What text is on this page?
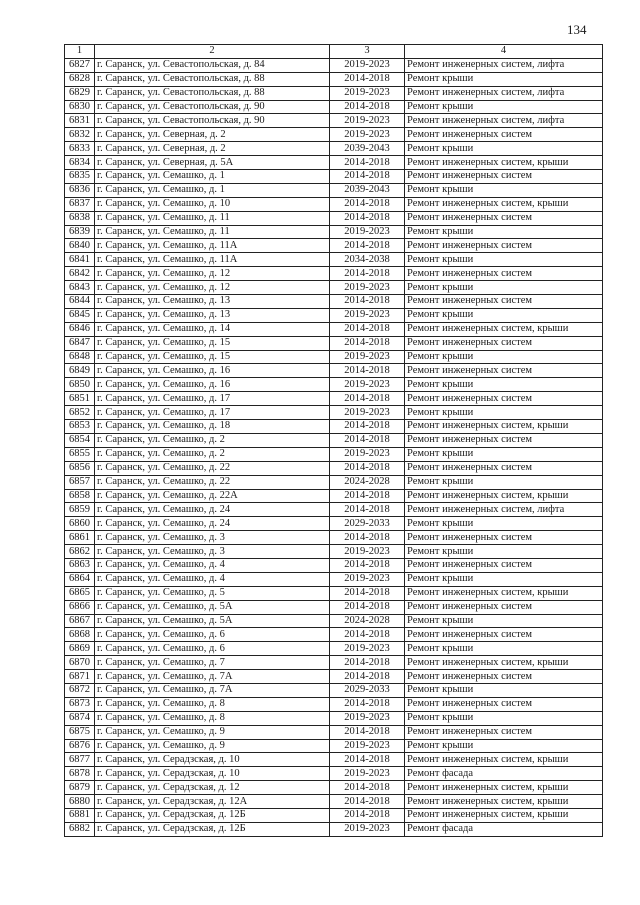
134
1	2	3	4
6827	г. Саранск, ул. Севастопольская, д. 84	2019-2023	Ремонт инженерных систем, лифта
6828	г. Саранск, ул. Севастопольская, д. 88	2014-2018	Ремонт крыши
6829	г. Саранск, ул. Севастопольская, д. 88	2019-2023	Ремонт инженерных систем, лифта
6830	г. Саранск, ул. Севастопольская, д. 90	2014-2018	Ремонт крыши
6831	г. Саранск, ул. Севастопольская, д. 90	2019-2023	Ремонт инженерных систем, лифта
6832	г. Саранск, ул. Северная, д. 2	2019-2023	Ремонт инженерных систем
6833	г. Саранск, ул. Северная, д. 2	2039-2043	Ремонт крыши
6834	г. Саранск, ул. Северная, д. 5А	2014-2018	Ремонт инженерных систем, крыши
6835	г. Саранск, ул. Семашко, д. 1	2014-2018	Ремонт инженерных систем
6836	г. Саранск, ул. Семашко, д. 1	2039-2043	Ремонт крыши
6837	г. Саранск, ул. Семашко, д. 10	2014-2018	Ремонт инженерных систем, крыши
6838	г. Саранск, ул. Семашко, д. 11	2014-2018	Ремонт инженерных систем
6839	г. Саранск, ул. Семашко, д. 11	2019-2023	Ремонт крыши
6840	г. Саранск, ул. Семашко, д. 11А	2014-2018	Ремонт инженерных систем
6841	г. Саранск, ул. Семашко, д. 11А	2034-2038	Ремонт крыши
6842	г. Саранск, ул. Семашко, д. 12	2014-2018	Ремонт инженерных систем
6843	г. Саранск, ул. Семашко, д. 12	2019-2023	Ремонт крыши
6844	г. Саранск, ул. Семашко, д. 13	2014-2018	Ремонт инженерных систем
6845	г. Саранск, ул. Семашко, д. 13	2019-2023	Ремонт крыши
6846	г. Саранск, ул. Семашко, д. 14	2014-2018	Ремонт инженерных систем, крыши
6847	г. Саранск, ул. Семашко, д. 15	2014-2018	Ремонт инженерных систем
6848	г. Саранск, ул. Семашко, д. 15	2019-2023	Ремонт крыши
6849	г. Саранск, ул. Семашко, д. 16	2014-2018	Ремонт инженерных систем
6850	г. Саранск, ул. Семашко, д. 16	2019-2023	Ремонт крыши
6851	г. Саранск, ул. Семашко, д. 17	2014-2018	Ремонт инженерных систем
6852	г. Саранск, ул. Семашко, д. 17	2019-2023	Ремонт крыши
6853	г. Саранск, ул. Семашко, д. 18	2014-2018	Ремонт инженерных систем, крыши
6854	г. Саранск, ул. Семашко, д. 2	2014-2018	Ремонт инженерных систем
6855	г. Саранск, ул. Семашко, д. 2	2019-2023	Ремонт крыши
6856	г. Саранск, ул. Семашко, д. 22	2014-2018	Ремонт инженерных систем
6857	г. Саранск, ул. Семашко, д. 22	2024-2028	Ремонт крыши
6858	г. Саранск, ул. Семашко, д. 22А	2014-2018	Ремонт инженерных систем, крыши
6859	г. Саранск, ул. Семашко, д. 24	2014-2018	Ремонт инженерных систем, лифта
6860	г. Саранск, ул. Семашко, д. 24	2029-2033	Ремонт крыши
6861	г. Саранск, ул. Семашко, д. 3	2014-2018	Ремонт инженерных систем
6862	г. Саранск, ул. Семашко, д. 3	2019-2023	Ремонт крыши
6863	г. Саранск, ул. Семашко, д. 4	2014-2018	Ремонт инженерных систем
6864	г. Саранск, ул. Семашко, д. 4	2019-2023	Ремонт крыши
6865	г. Саранск, ул. Семашко, д. 5	2014-2018	Ремонт инженерных систем, крыши
6866	г. Саранск, ул. Семашко, д. 5А	2014-2018	Ремонт инженерных систем
6867	г. Саранск, ул. Семашко, д. 5А	2024-2028	Ремонт крыши
6868	г. Саранск, ул. Семашко, д. 6	2014-2018	Ремонт инженерных систем
6869	г. Саранск, ул. Семашко, д. 6	2019-2023	Ремонт крыши
6870	г. Саранск, ул. Семашко, д. 7	2014-2018	Ремонт инженерных систем, крыши
6871	г. Саранск, ул. Семашко, д. 7А	2014-2018	Ремонт инженерных систем
6872	г. Саранск, ул. Семашко, д. 7А	2029-2033	Ремонт крыши
6873	г. Саранск, ул. Семашко, д. 8	2014-2018	Ремонт инженерных систем
6874	г. Саранск, ул. Семашко, д. 8	2019-2023	Ремонт крыши
6875	г. Саранск, ул. Семашко, д. 9	2014-2018	Ремонт инженерных систем
6876	г. Саранск, ул. Семашко, д. 9	2019-2023	Ремонт крыши
6877	г. Саранск, ул. Серадзская, д. 10	2014-2018	Ремонт инженерных систем, крыши
6878	г. Саранск, ул. Серадзская, д. 10	2019-2023	Ремонт фасада
6879	г. Саранск, ул. Серадзская, д. 12	2014-2018	Ремонт инженерных систем, крыши
6880	г. Саранск, ул. Серадзская, д. 12А	2014-2018	Ремонт инженерных систем, крыши
6881	г. Саранск, ул. Серадзская, д. 12Б	2014-2018	Ремонт инженерных систем, крыши
6882	г. Саранск, ул. Серадзская, д. 12Б	2019-2023	Ремонт фасада
